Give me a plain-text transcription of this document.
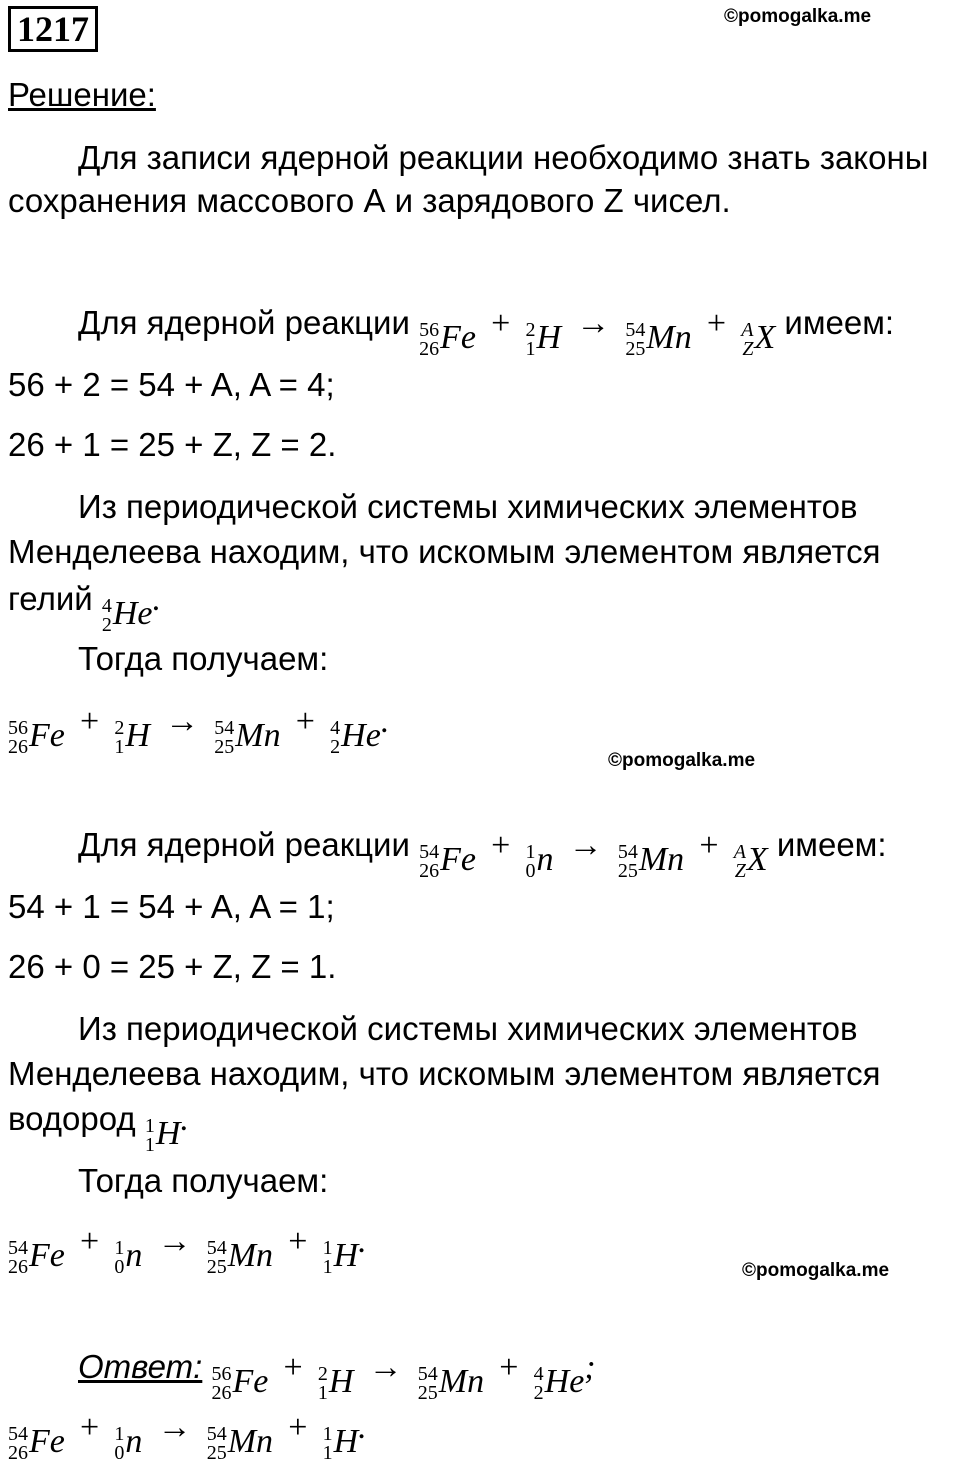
1217	©pomogalka.me
Решение:
Для записи ядерной реакции необходимо знать законы
сохранения массового А и зарядового Z чисел.
Для ядерной реакции 56
26 Fe + 2
1 H → 54
25 Mn + A
Z X имеем:
56 + 2 = 54 + A, A = 4;
26 + 1 = 25 + Z, Z = 2.
Из периодической системы химических элементов
Менделеева находим, что искомым элементом является
гелий 4
2 He .
Тогда получаем:
56
26 Fe + 2
1 H → 54
25 Mn + 4
2 He .
©pomogalka.me
Для ядерной реакции 54
26 Fe + 1
0 n → 54
25 Mn + A
Z X имеем:
54 + 1 = 54 + A, A = 1;
26 + 0 = 25 + Z, Z = 1.
Из периодической системы химических элементов
Менделеева находим, что искомым элементом является
водород 1
1 H .
Тогда получаем:
54
26 Fe + 1
0 n → 54
25 Mn + 1
1 H .
©pomogalka.me
Ответ: 56
26 Fe + 2
1 H → 54
25 Mn + 4
2 He ;
54
26 Fe + 1
0 n → 54
25 Mn + 1
1 H .
